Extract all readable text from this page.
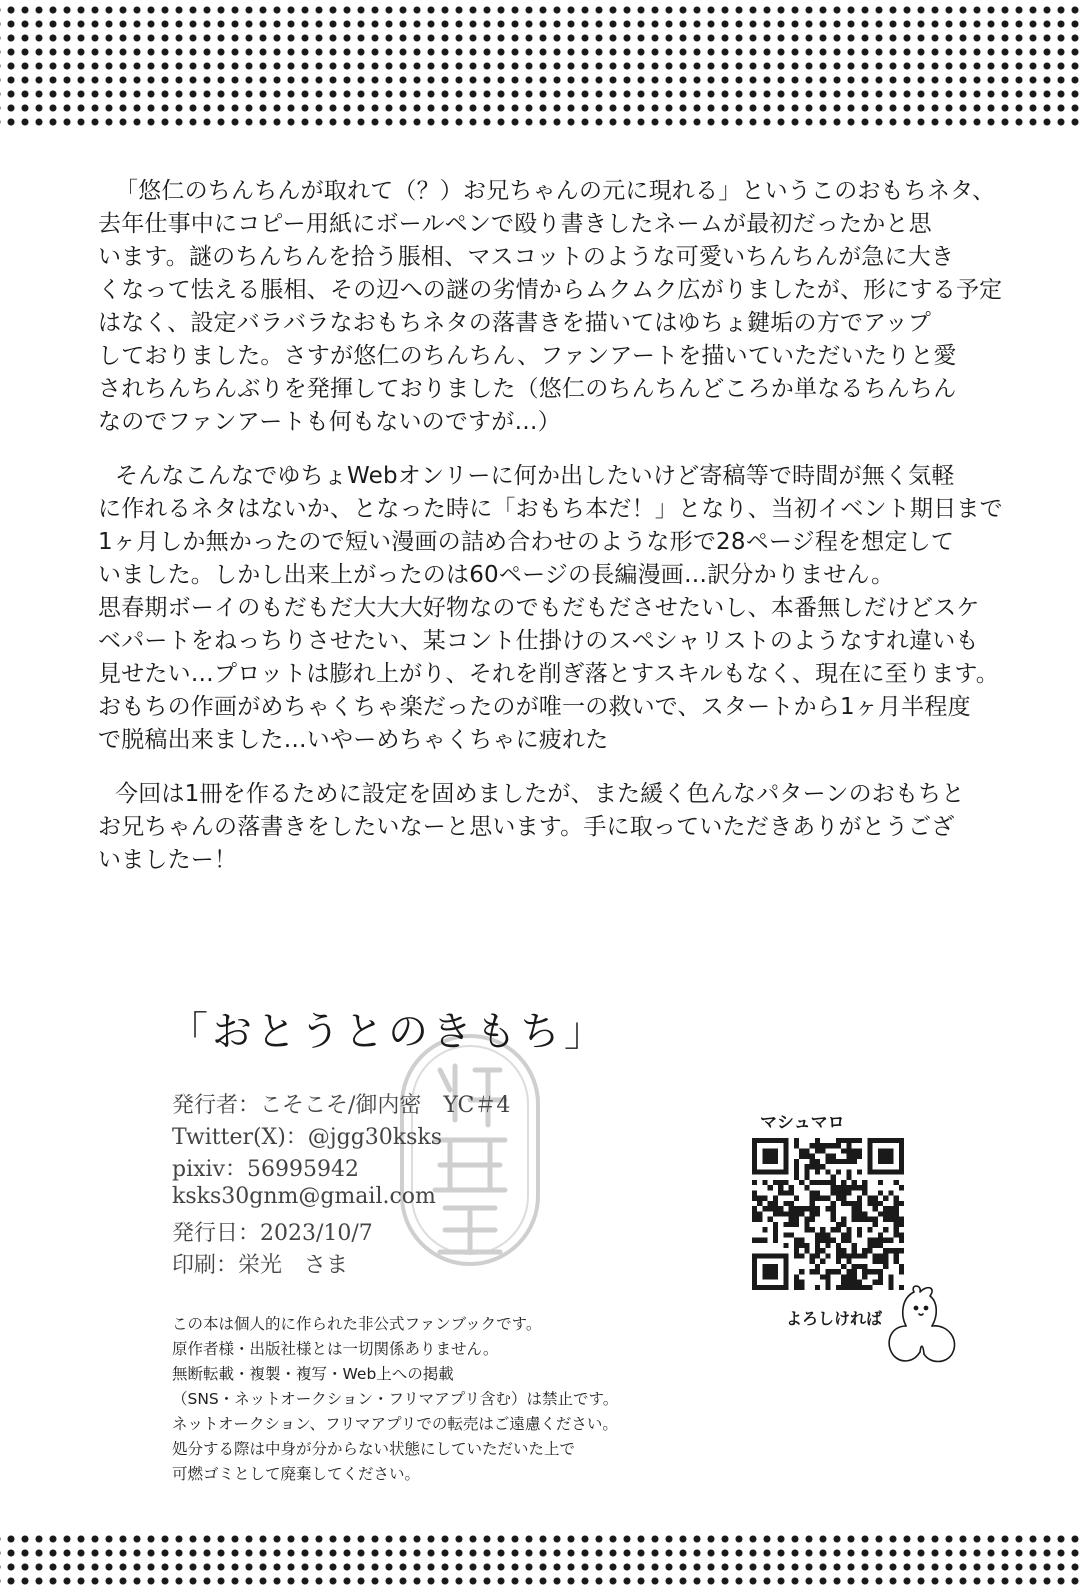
「悠仁のちんちんが取れて（？）お兄ちゃんの元に現れる」というこのおもちネタ、
去年仕事中にコピー用紙にボールペンで殴り書きしたネームが最初だったかと思
います。謎のちんちんを拾う脹相、マスコットのような可愛いちんちんが急に大き
くなって怯える脹相、その辺への謎の劣情からムクムク広がりましたが、形にする予定
はなく、設定バラバラなおもちネタの落書きを描いてはゆちょ鍵垢の方でアップ
しておりました。さすが悠仁のちんちん、ファンアートを描いていただいたりと愛
されちんちんぶりを発揮しておりました（悠仁のちんちんどころか単なるちんちん
なのでファンアートも何もないのですが…）
そんなこんなでゆちょWebオンリーに何か出したいけど寄稿等で時間が無く気軽
に作れるネタはないか、となった時に「おもち本だ！」となり、当初イベント期日まで
1ヶ月しか無かったので短い漫画の詰め合わせのような形で28ページ程を想定して
いました。しかし出来上がったのは60ページの長編漫画…訳分かりません。
思春期ボーイのもだもだ大大大好物なのでもだもださせたいし、本番無しだけどスケ
ベパートをねっちりさせたい、某コント仕掛けのスペシャリストのようなすれ違いも
見せたい…プロットは膨れ上がり、それを削ぎ落とすスキルもなく、現在に至ります。
おもちの作画がめちゃくちゃ楽だったのが唯一の救いで、スタートから1ヶ月半程度
で脱稿出来ました…いやーめちゃくちゃに疲れた
今回は1冊を作るために設定を固めましたが、また緩く色んなパターンのおもちと
お兄ちゃんの落書きをしたいなーと思います。手に取っていただきありがとうござ
いましたー！
「おとうとのきもち」
発行者：こそこそ/御内密　YC＃4
Twitter(X)：@jgg30ksks
pixiv：56995942
ksks30gnm@gmail.com
発行日：2023/10/7
印刷：栄光　さま
この本は個人的に作られた非公式ファンブックです。
原作者様・出版社様とは一切関係ありません。
無断転載・複製・複写・Web上への掲載
（SNS・ネットオークション・フリマアプリ含む）は禁止です。
ネットオークション、フリマアプリでの転売はご遠慮ください。
処分する際は中身が分からない状態にしていただいた上で
可燃ゴミとして廃棄してください。
マシュマロ
よろしければ
